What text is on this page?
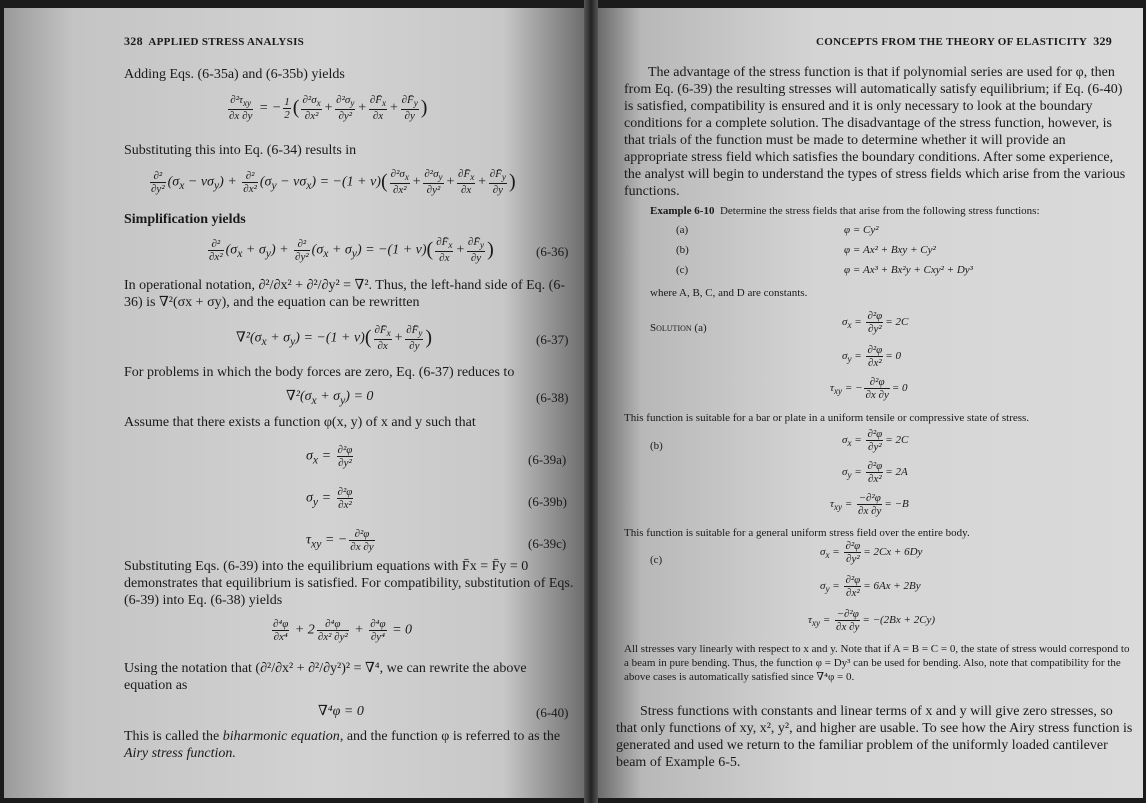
328 APPLIED STRESS ANALYSIS
Adding Eqs. (6-35a) and (6-35b) yields
$\frac{\partial^2\tau_{xy}}{\partial x \partial y}$ = − $\frac{1}{2}$ ( $\frac{\partial^2\sigma_x}{\text{∂x²}} + \frac{\partial^2\sigma_y}{\text{∂y²}} + \frac{\partial F̄_x}{\partial x} + \frac{\partial F̄_y}{\partial y}$ )
Substituting this into Eq. (6-34) results in
$\frac{\text{∂²}}{\text{∂y²}} (\sigma_x - \nu\sigma_y) + \frac{\text{∂²}}{\text{∂x²}} (\sigma_y - \nu\sigma_x) = -(1 + \nu)( \frac{\partial^2\sigma_x}{\text{∂x²}} + \frac{\partial^2\sigma_y}{\text{∂y²}} + \frac{\partial F̄_x}{\partial x} + \frac{\partial F̄_y}{\partial y}$ )
Simplification yields
$\frac{\text{∂²}}{\text{∂x²}} (\sigma_x + \sigma_y) + \frac{\text{∂²}}{\text{∂y²}} (\sigma_x + \sigma_y) = -(1 + \nu)( \frac{\partial F̄_x}{\partial x} + \frac{\partial F̄_y}{\partial y}$ )	(6-36)
In operational notation, ∂²/∂x² + ∂²/∂y² = ∇². Thus, the left-hand side of Eq. (6-36) is ∇²(σx + σy), and the equation can be rewritten
$\nabla^2(\sigma_x + \sigma_y) = -(1 + \nu)( \frac{\partial F̄_x}{\partial x} + \frac{\partial F̄_y}{\partial y}$ )	(6-37)
For problems in which the body forces are zero, Eq. (6-37) reduces to
$\nabla^2(\sigma_x + \sigma_y) = 0$	(6-38)
Assume that there exists a function φ(x, y) of x and y such that
$\sigma_x = \frac{\text{∂²φ}}{\text{∂y²}}$	(6-39a)
$\sigma_y = \frac{\text{∂²φ}}{\text{∂x²}}$	(6-39b)
$\tau_{xy}$ = − $\frac{\text{∂²φ}}{\partial x \partial y}$	(6-39c)
Substituting Eqs. (6-39) into the equilibrium equations with F̄x = F̄y = 0 demonstrates that equilibrium is satisfied. For compatibility, substitution of Eqs. (6-39) into Eq. (6-38) yields
$\frac{\text{∂⁴φ}}{\text{∂x⁴}} + 2 \frac{\text{∂⁴φ}}{\text{∂x² ∂y²}} + \frac{\text{∂⁴φ}}{\text{∂y⁴}} = 0$
Using the notation that (∂²/∂x² + ∂²/∂y²)² = ∇⁴, we can rewrite the above equation as
∇⁴φ = 0	(6-40)
This is called the biharmonic equation, and the function φ is referred to as the Airy stress function.
CONCEPTS FROM THE THEORY OF ELASTICITY 329
The advantage of the stress function is that if polynomial series are used for φ, then from Eq. (6-39) the resulting stresses will automatically satisfy equilibrium; if Eq. (6-40) is satisfied, compatibility is ensured and it is only necessary to look at the boundary conditions for a complete solution. The disadvantage of the stress function, however, is that trials of the function must be made to determine whether it will provide an appropriate stress field which satisfies the boundary conditions. After some experience, the analyst will begin to understand the types of stress fields which arise from the various functions.
Example 6-10 Determine the stress fields that arise from the following stress functions:
(a)	φ = Cy²
(b)	φ = Ax² + Bxy + Cy²
(c)	φ = Ax³ + Bx²y + Cxy² + Dy³
where A, B, C, and D are constants.
Solution (a)	$\sigma_x = \frac{\text{∂²φ}}{\text{∂y²}} = 2C$
$\sigma_y = \frac{\text{∂²φ}}{\text{∂x²}} = 0$
$\tau_{xy}$ = − $\frac{\text{∂²φ}}{\partial x \partial y} = 0$
This function is suitable for a bar or plate in a uniform tensile or compressive state of stress.
(b)	$\sigma_x = \frac{\text{∂²φ}}{\text{∂y²}} = 2C$
$\sigma_y = \frac{\text{∂²φ}}{\text{∂x²}} = 2A$
$\tau_{xy} = \frac{\text{−∂²φ}}{\partial x \partial y} = -B$
This function is suitable for a general uniform stress field over the entire body.
(c)
$\sigma_x = \frac{\text{∂²φ}}{\text{∂y²}} = 2Cx + 6Dy$
$\sigma_y = \frac{\text{∂²φ}}{\text{∂x²}} = 6Ax + 2By$
$\tau_{xy} = \frac{\text{−∂²φ}}{\partial x \partial y} = -(2Bx + 2Cy)$
All stresses vary linearly with respect to x and y. Note that if A = B = C = 0, the state of stress would correspond to a beam in pure bending. Thus, the function φ = Dy³ can be used for bending. Also, note that compatibility for the above cases is automatically satisfied since ∇⁴φ = 0.
Stress functions with constants and linear terms of x and y will give zero stresses, so that only functions of xy, x², y², and higher are usable. To see how the Airy stress function is generated and used we return to the familiar problem of the uniformly loaded cantilever beam of Example 6-5.
